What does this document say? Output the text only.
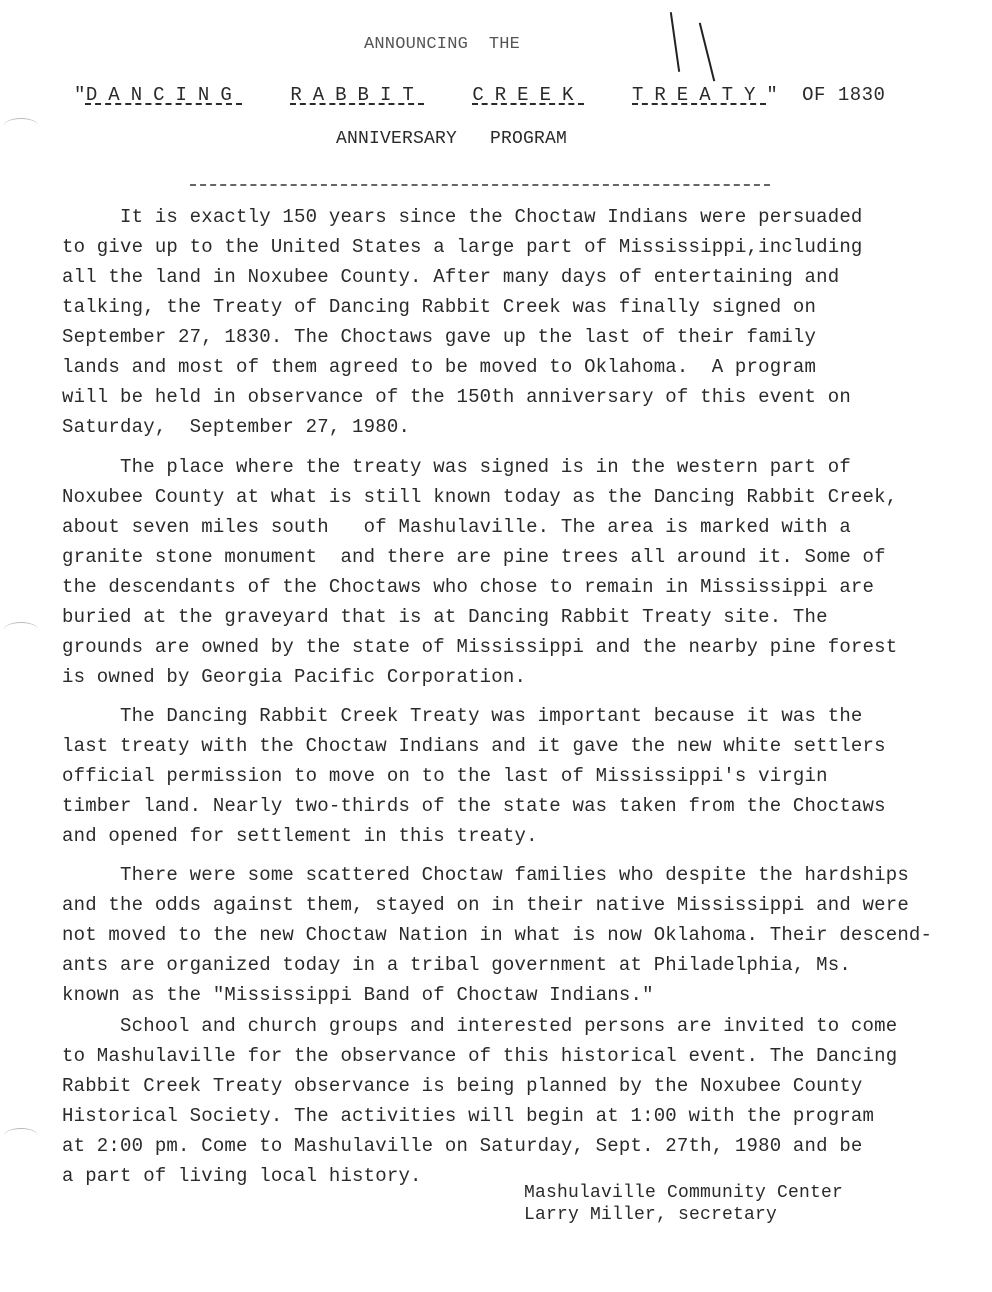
ANNOUNCING  THE
"DANCING	RABBIT	CREEK	TREATY"  OF 1830
ANNIVERSARY   PROGRAM
It is exactly 150 years since the Choctaw Indians were persuaded
to give up to the United States a large part of Mississippi,including
all the land in Noxubee County. After many days of entertaining and
talking, the Treaty of Dancing Rabbit Creek was finally signed on
September 27, 1830. The Choctaws gave up the last of their family
lands and most of them agreed to be moved to Oklahoma.  A program
will be held in observance of the 150th anniversary of this event on
Saturday,  September 27, 1980.
The place where the treaty was signed is in the western part of
Noxubee County at what is still known today as the Dancing Rabbit Creek,
about seven miles south   of Mashulaville. The area is marked with a
granite stone monument  and there are pine trees all around it. Some of
the descendants of the Choctaws who chose to remain in Mississippi are
buried at the graveyard that is at Dancing Rabbit Treaty site. The
grounds are owned by the state of Mississippi and the nearby pine forest
is owned by Georgia Pacific Corporation.
The Dancing Rabbit Creek Treaty was important because it was the
last treaty with the Choctaw Indians and it gave the new white settlers
official permission to move on to the last of Mississippi's virgin
timber land. Nearly two-thirds of the state was taken from the Choctaws
and opened for settlement in this treaty.
There were some scattered Choctaw families who despite the hardships
and the odds against them, stayed on in their native Mississippi and were
not moved to the new Choctaw Nation in what is now Oklahoma. Their descend-
ants are organized today in a tribal government at Philadelphia, Ms.
known as the "Mississippi Band of Choctaw Indians."
School and church groups and interested persons are invited to come
to Mashulaville for the observance of this historical event. The Dancing
Rabbit Creek Treaty observance is being planned by the Noxubee County
Historical Society. The activities will begin at 1:00 with the program
at 2:00 pm. Come to Mashulaville on Saturday, Sept. 27th, 1980 and be
a part of living local history.
Mashulaville Community Center
Larry Miller, secretary
